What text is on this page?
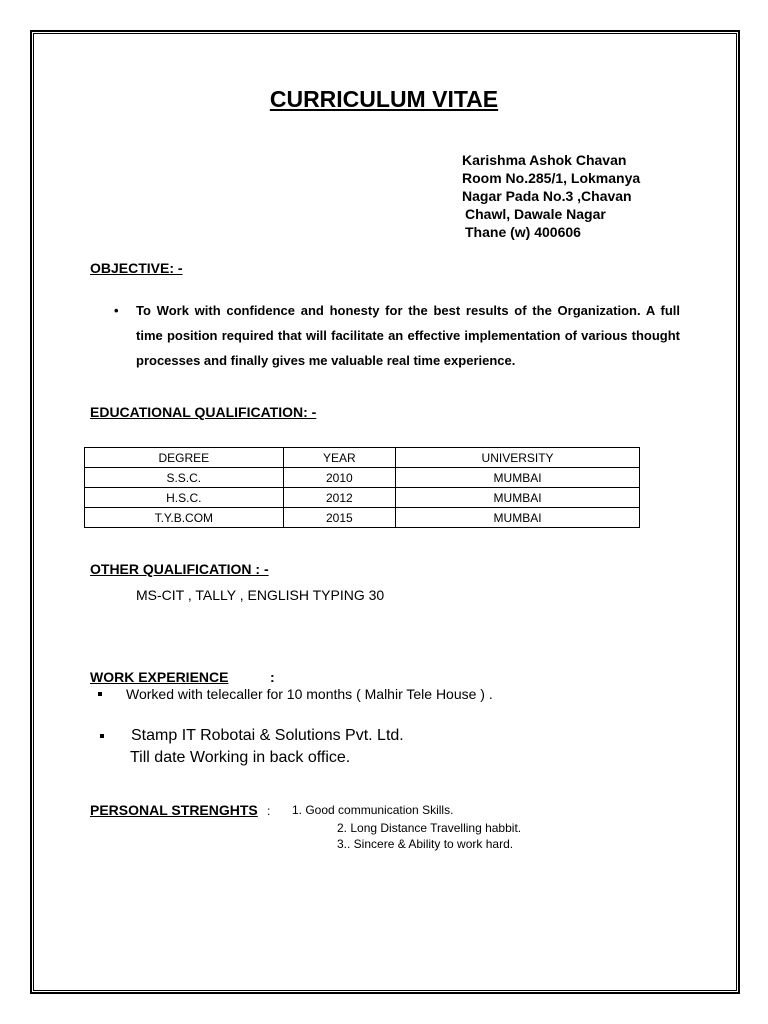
CURRICULUM VITAE
Karishma Ashok Chavan
Room No.285/1, Lokmanya
Nagar Pada No.3 ,Chavan
Chawl, Dawale Nagar
Thane (w) 400606
OBJECTIVE: -
• To Work with confidence and honesty for the best results of the Organization. A full time position required that will facilitate an effective implementation of various thought processes and finally gives me valuable real time experience.
EDUCATIONAL QUALIFICATION: -
DEGREE	YEAR	UNIVERSITY
S.S.C.	2010	MUMBAI
H.S.C.	2012	MUMBAI
T.Y.B.COM	2015	MUMBAI
OTHER QUALIFICATION : -
MS-CIT , TALLY , ENGLISH TYPING 30
WORK EXPERIENCE	:
Worked with telecaller for 10 months ( Malhir Tele House ) .
Stamp IT Robotai & Solutions Pvt. Ltd.
Till date Working in back office.
PERSONAL STRENGHTS : 1. Good communication Skills.
2. Long Distance Travelling habbit.
3.. Sincere & Ability to work hard.
